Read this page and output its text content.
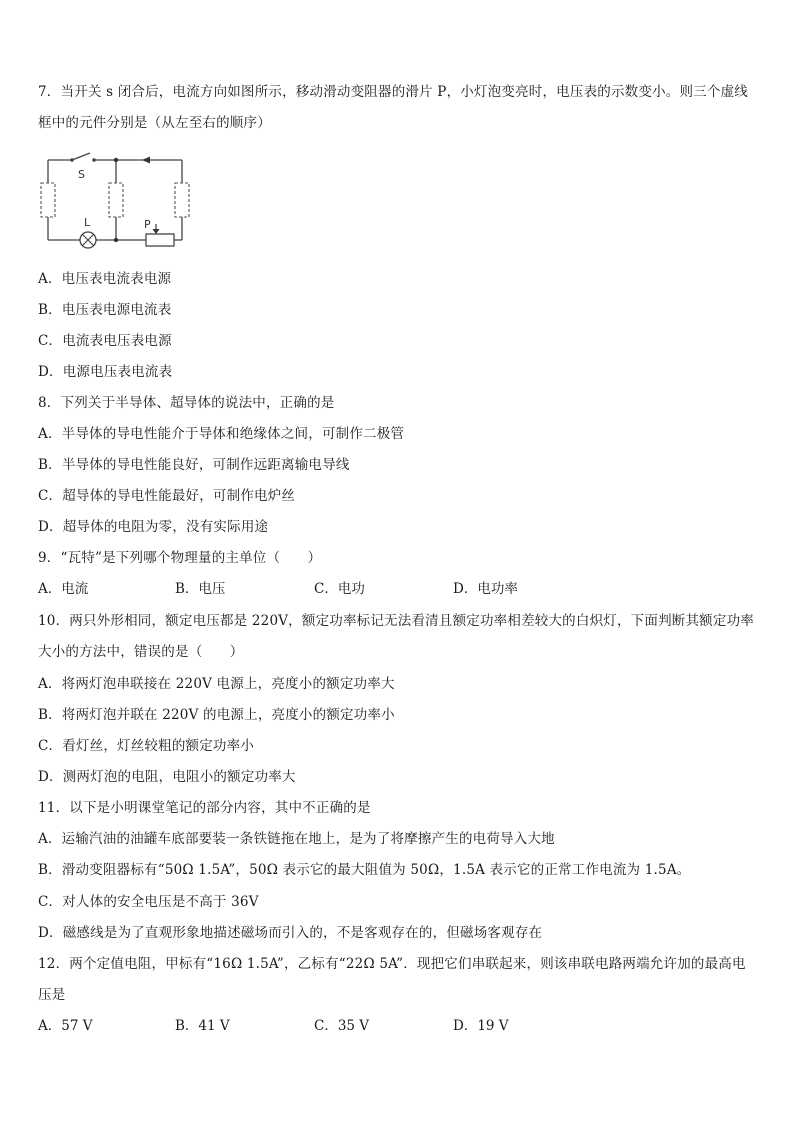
7．当开关 s 闭合后，电流方向如图所示，移动滑动变阻器的滑片 P，小灯泡变亮时，电压表的示数变小。则三个虚线
框中的元件分别是（从左至右的顺序）
S
L	P
A．电压表电流表电源
B．电压表电源电流表
C．电流表电压表电源
D．电源电压表电流表
8．下列关于半导体、超导体的说法中，正确的是
A．半导体的导电性能介于导体和绝缘体之间，可制作二极管
B．半导体的导电性能良好，可制作远距离输电导线
C．超导体的导电性能最好，可制作电炉丝
D．超导体的电阻为零，没有实际用途
9．“瓦特”是下列哪个物理量的主单位（　　）
A．电流	B．电压	C．电功	D．电功率
10．两只外形相同，额定电压都是 220V，额定功率标记无法看清且额定功率相差较大的白炽灯，下面判断其额定功率
大小的方法中，错误的是（　　）
A．将两灯泡串联接在 220V 电源上，亮度小的额定功率大
B．将两灯泡并联在 220V 的电源上，亮度小的额定功率小
C．看灯丝，灯丝较粗的额定功率小
D．测两灯泡的电阻，电阻小的额定功率大
11．以下是小明课堂笔记的部分内容，其中不正确的是
A．运输汽油的油罐车底部要装一条铁链拖在地上，是为了将摩擦产生的电荷导入大地
B．滑动变阻器标有“50Ω 1.5A”，50Ω 表示它的最大阻值为 50Ω，1.5A 表示它的正常工作电流为 1.5A。
C．对人体的安全电压是不高于 36V
D．磁感线是为了直观形象地描述磁场而引入的，不是客观存在的，但磁场客观存在
12．两个定值电阻，甲标有“16Ω 1.5A”，乙标有“22Ω 5A”．现把它们串联起来，则该串联电路两端允许加的最高电
压是
A．57 V	B．41 V	C．35 V	D．19 V
